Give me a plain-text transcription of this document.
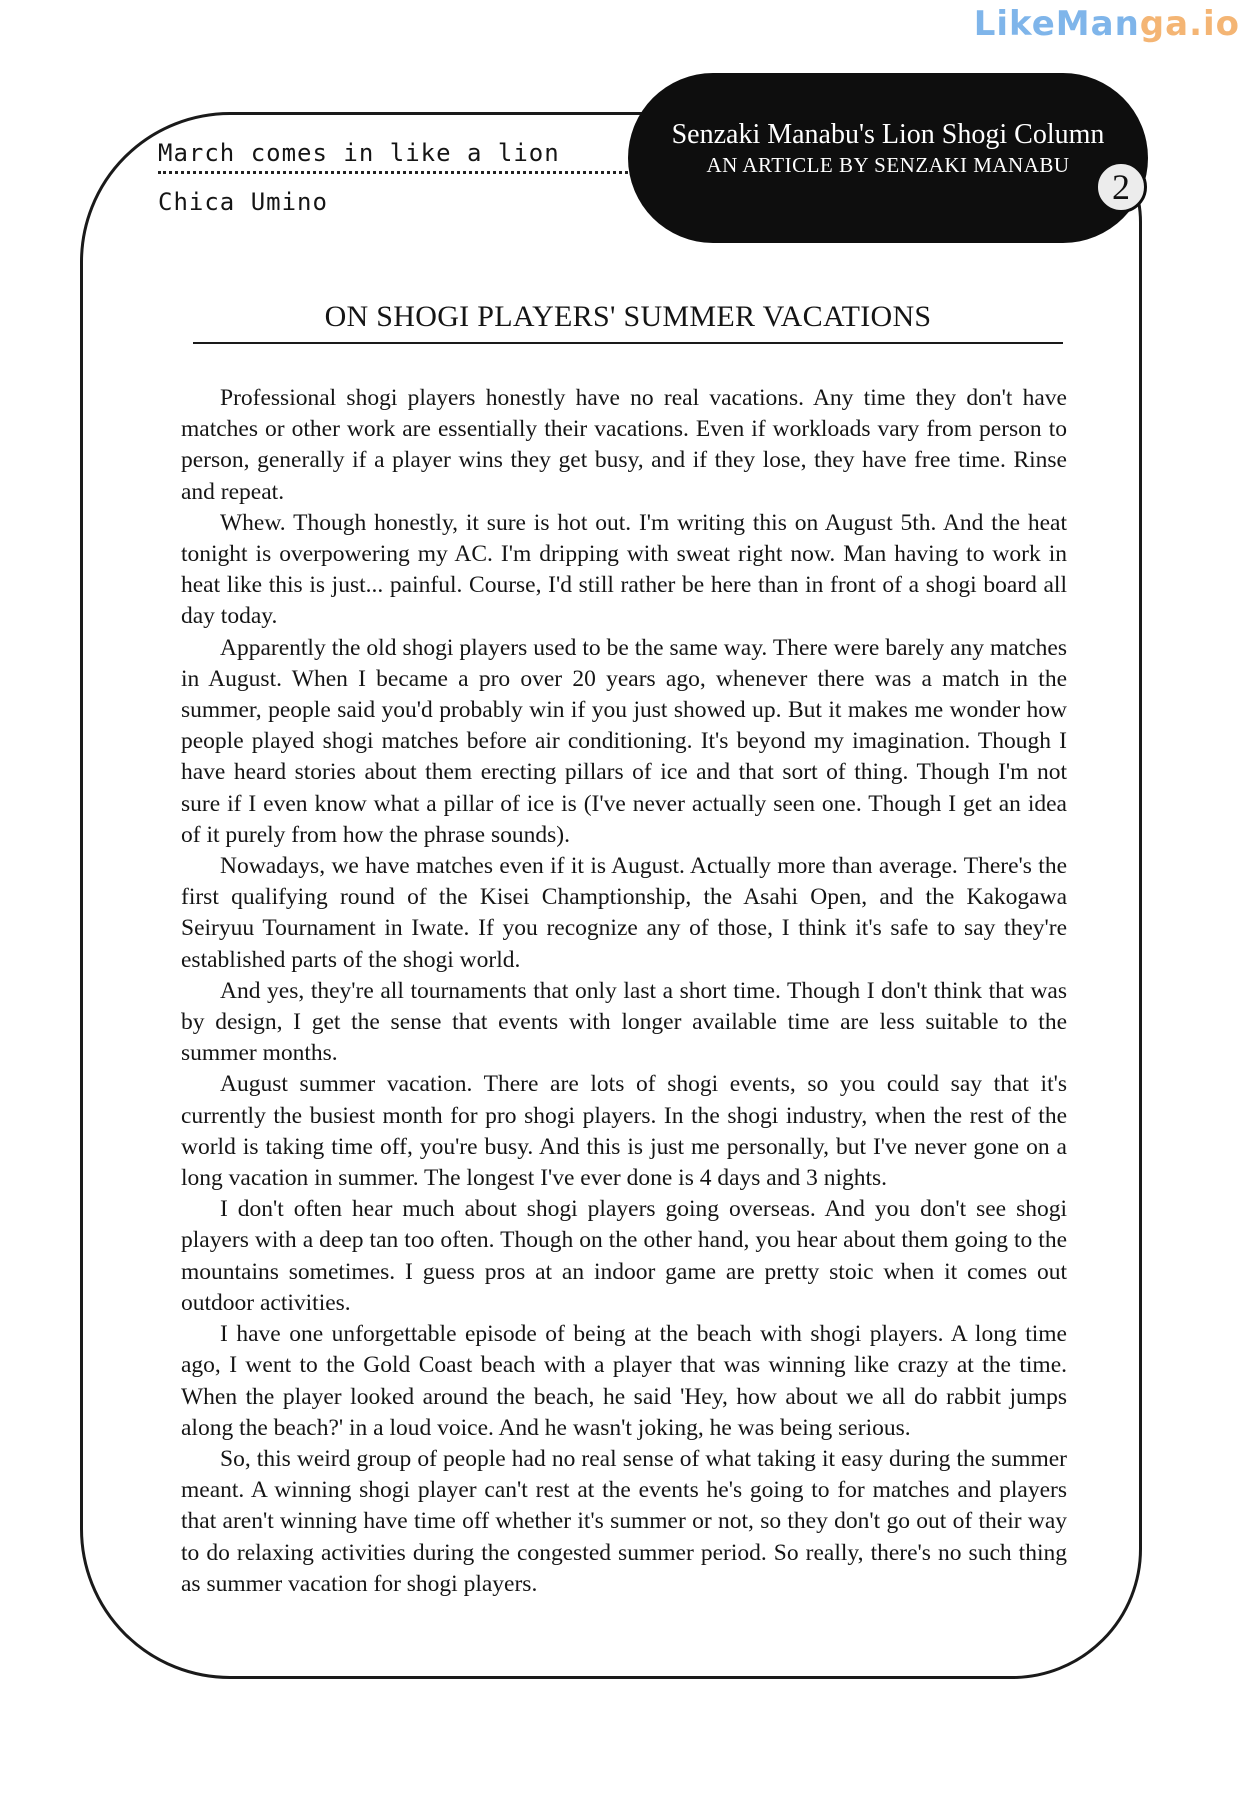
LikeManga.io
March comes in like a lion
Chica Umino
Senzaki Manabu's Lion Shogi Column
AN ARTICLE BY SENZAKI MANABU
2
ON SHOGI PLAYERS' SUMMER VACATIONS

Professional shogi players honestly have no real vacations. Any time they don't have matches or other work are essentially their vacations. Even if workloads vary from person to person, generally if a player wins they get busy, and if they lose, they have free time. Rinse and repeat.

Whew. Though honestly, it sure is hot out. I'm writing this on August 5th. And the heat tonight is overpowering my AC. I'm dripping with sweat right now. Man having to work in heat like this is just... painful. Course, I'd still rather be here than in front of a shogi board all day today.

Apparently the old shogi players used to be the same way. There were barely any matches in August. When I became a pro over 20 years ago, whenever there was a match in the summer, people said you'd probably win if you just showed up. But it makes me wonder how people played shogi matches before air conditioning. It's beyond my imagination. Though I have heard stories about them erecting pillars of ice and that sort of thing. Though I'm not sure if I even know what a pillar of ice is (I've never actually seen one. Though I get an idea of it purely from how the phrase sounds).

Nowadays, we have matches even if it is August. Actually more than average. There's the first qualifying round of the Kisei Champtionship, the Asahi Open, and the Kakogawa Seiryuu Tournament in Iwate. If you recognize any of those, I think it's safe to say they're established parts of the shogi world.

And yes, they're all tournaments that only last a short time. Though I don't think that was by design, I get the sense that events with longer available time are less suitable to the summer months.

August summer vacation. There are lots of shogi events, so you could say that it's currently the busiest month for pro shogi players. In the shogi industry, when the rest of the world is taking time off, you're busy. And this is just me personally, but I've never gone on a long vacation in summer. The longest I've ever done is 4 days and 3 nights.

I don't often hear much about shogi players going overseas. And you don't see shogi players with a deep tan too often. Though on the other hand, you hear about them going to the mountains sometimes. I guess pros at an indoor game are pretty stoic when it comes out outdoor activities.

I have one unforgettable episode of being at the beach with shogi players. A long time ago, I went to the Gold Coast beach with a player that was winning like crazy at the time. When the player looked around the beach, he said 'Hey, how about we all do rabbit jumps along the beach?' in a loud voice. And he wasn't joking, he was being serious.

So, this weird group of people had no real sense of what taking it easy during the summer meant. A winning shogi player can't rest at the events he's going to for matches and players that aren't winning have time off whether it's summer or not, so they don't go out of their way to do relaxing activities during the congested summer period. So really, there's no such thing as summer vacation for shogi players.
